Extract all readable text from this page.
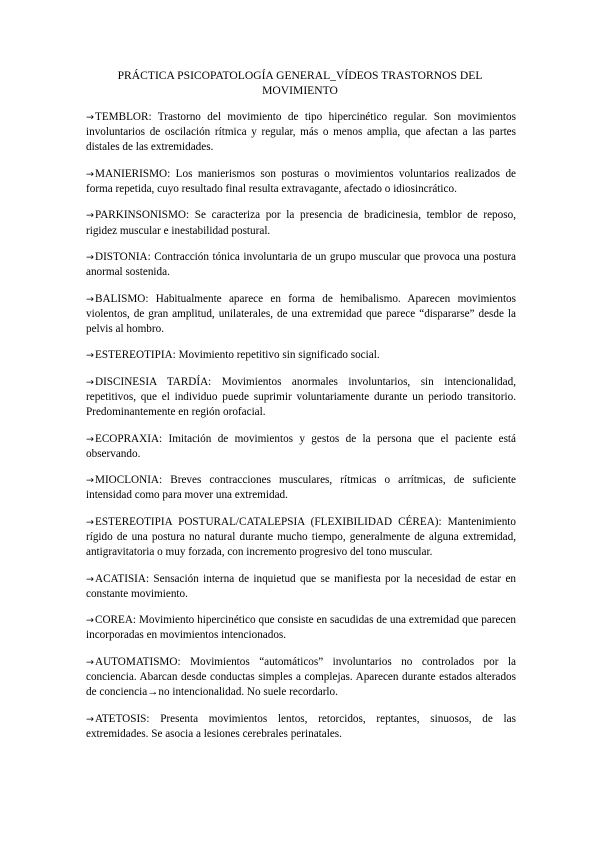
PRÁCTICA PSICOPATOLOGÍA GENERAL_VÍDEOS TRASTORNOS DEL MOVIMIENTO

→TEMBLOR: Trastorno del movimiento de tipo hipercinético regular. Son movimientos involuntarios de oscilación rítmica y regular, más o menos amplia, que afectan a las partes distales de las extremidades.

→MANIERISMO: Los manierismos son posturas o movimientos voluntarios realizados de forma repetida, cuyo resultado final resulta extravagante, afectado o idiosincrático.

→PARKINSONISMO: Se caracteriza por la presencia de bradicinesia, temblor de reposo, rigidez muscular e inestabilidad postural.

→DISTONIA: Contracción tónica involuntaria de un grupo muscular que provoca una postura anormal sostenida.

→BALISMO: Habitualmente aparece en forma de hemibalismo. Aparecen movimientos violentos, de gran amplitud, unilaterales, de una extremidad que parece “dispararse” desde la pelvis al hombro.

→ESTEREOTIPIA: Movimiento repetitivo sin significado social.

→DISCINESIA TARDÍA: Movimientos anormales involuntarios, sin intencionalidad, repetitivos, que el individuo puede suprimir voluntariamente durante un periodo transitorio. Predominantemente en región orofacial.

→ECOPRAXIA: Imitación de movimientos y gestos de la persona que el paciente está observando.

→MIOCLONIA: Breves contracciones musculares, rítmicas o arrítmicas, de suficiente intensidad como para mover una extremidad.

→ESTEREOTIPIA POSTURAL/CATALEPSIA (FLEXIBILIDAD CÉREA): Mantenimiento rígido de una postura no natural durante mucho tiempo, generalmente de alguna extremidad, antigravitatoria o muy forzada, con incremento progresivo del tono muscular.

→ACATISIA: Sensación interna de inquietud que se manifiesta por la necesidad de estar en constante movimiento.

→COREA: Movimiento hipercinético que consiste en sacudidas de una extremidad que parecen incorporadas en movimientos intencionados.

→AUTOMATISMO: Movimientos “automáticos” involuntarios no controlados por la conciencia. Abarcan desde conductas simples a complejas. Aparecen durante estados alterados de conciencia→no intencionalidad. No suele recordarlo.

→ATETOSIS: Presenta movimientos lentos, retorcidos, reptantes, sinuosos, de las extremidades. Se asocia a lesiones cerebrales perinatales.
